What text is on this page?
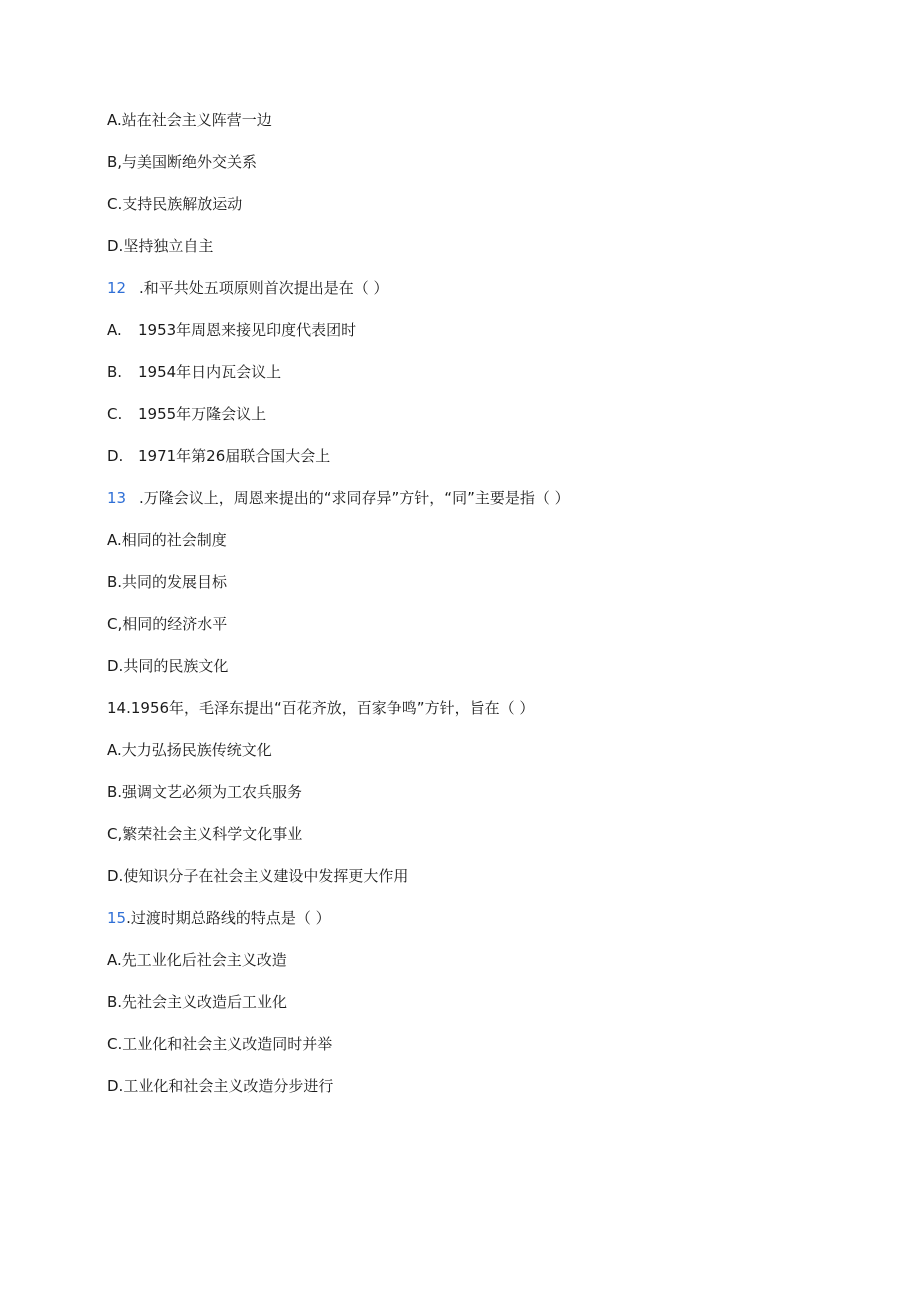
A.站在社会主义阵营一边
B,与美国断绝外交关系
C.支持民族解放运动
D.坚持独立自主
12 .和平共处五项原则首次提出是在（ ）
A. 1953年周恩来接见印度代表团时
B. 1954年日内瓦会议上
C. 1955年万隆会议上
D. 1971年第26届联合国大会上
13 .万隆会议上，周恩来提出的“求同存异”方针，“同”主要是指（ ）
A.相同的社会制度
B.共同的发展目标
C,相同的经济水平
D.共同的民族文化
14.1956年，毛泽东提出“百花齐放，百家争鸣”方针，旨在（ ）
A.大力弘扬民族传统文化
B.强调文艺必须为工农兵服务
C,繁荣社会主义科学文化事业
D.使知识分子在社会主义建设中发挥更大作用
15.过渡时期总路线的特点是（ ）
A.先工业化后社会主义改造
B.先社会主义改造后工业化
C.工业化和社会主义改造同时并举
D.工业化和社会主义改造分步进行
